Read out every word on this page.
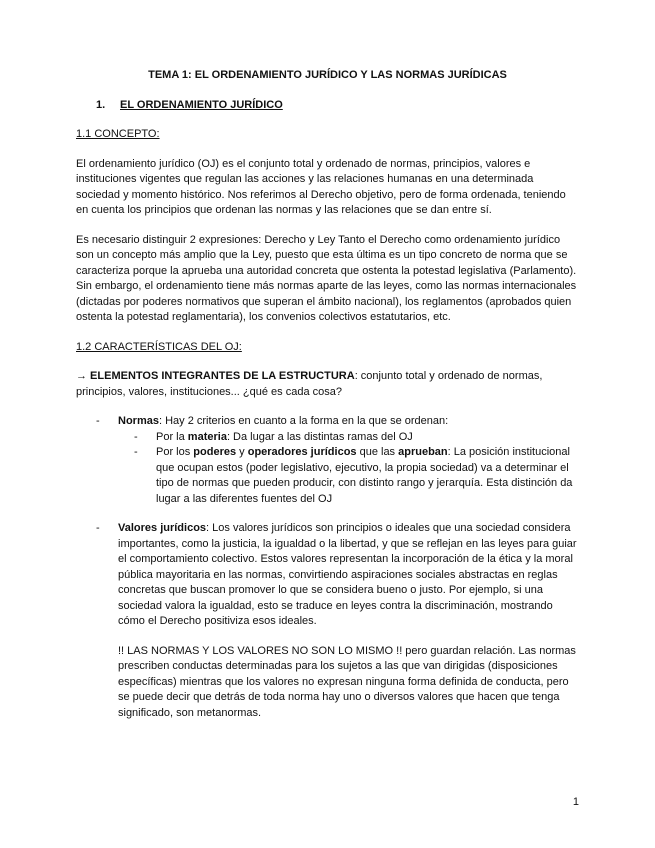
TEMA 1: EL ORDENAMIENTO JURÍDICO Y LAS NORMAS JURÍDICAS

1.	EL ORDENAMIENTO JURÍDICO

1.1 CONCEPTO:

El ordenamiento jurídico (OJ) es el conjunto total y ordenado de normas, principios, valores e instituciones vigentes que regulan las acciones y las relaciones humanas en una determinada sociedad y momento histórico. Nos referimos al Derecho objetivo, pero de forma ordenada, teniendo en cuenta los principios que ordenan las normas y las relaciones que se dan entre sí.

Es necesario distinguir 2 expresiones: Derecho y Ley Tanto el Derecho como ordenamiento jurídico son un concepto más amplio que la Ley, puesto que esta última es un tipo concreto de norma que se caracteriza porque la aprueba una autoridad concreta que ostenta la potestad legislativa (Parlamento). Sin embargo, el ordenamiento tiene más normas aparte de las leyes, como las normas internacionales (dictadas por poderes normativos que superan el ámbito nacional), los reglamentos (aprobados quien ostenta la potestad reglamentaria), los convenios colectivos estatutarios, etc.

1.2 CARACTERÍSTICAS DEL OJ:

→ ELEMENTOS INTEGRANTES DE LA ESTRUCTURA: conjunto total y ordenado de normas, principios, valores, instituciones... ¿qué es cada cosa?

-	Normas: Hay 2 criterios en cuanto a la forma en la que se ordenan:
-	Por la materia: Da lugar a las distintas ramas del OJ
-	Por los poderes y operadores jurídicos que las aprueban: La posición institucional que ocupan estos (poder legislativo, ejecutivo, la propia sociedad) va a determinar el tipo de normas que pueden producir, con distinto rango y jerarquía. Esta distinción da lugar a las diferentes fuentes del OJ
-	Valores jurídicos: Los valores jurídicos son principios o ideales que una sociedad considera importantes, como la justicia, la igualdad o la libertad, y que se reflejan en las leyes para guiar el comportamiento colectivo. Estos valores representan la incorporación de la ética y la moral pública mayoritaria en las normas, convirtiendo aspiraciones sociales abstractas en reglas concretas que buscan promover lo que se considera bueno o justo. Por ejemplo, si una sociedad valora la igualdad, esto se traduce en leyes contra la discriminación, mostrando cómo el Derecho positiviza esos ideales.

!! LAS NORMAS Y LOS VALORES NO SON LO MISMO !! pero guardan relación. Las normas prescriben conductas determinadas para los sujetos a las que van dirigidas (disposiciones específicas) mientras que los valores no expresan ninguna forma definida de conducta, pero se puede decir que detrás de toda norma hay uno o diversos valores que hacen que tenga significado, son metanormas.

1
